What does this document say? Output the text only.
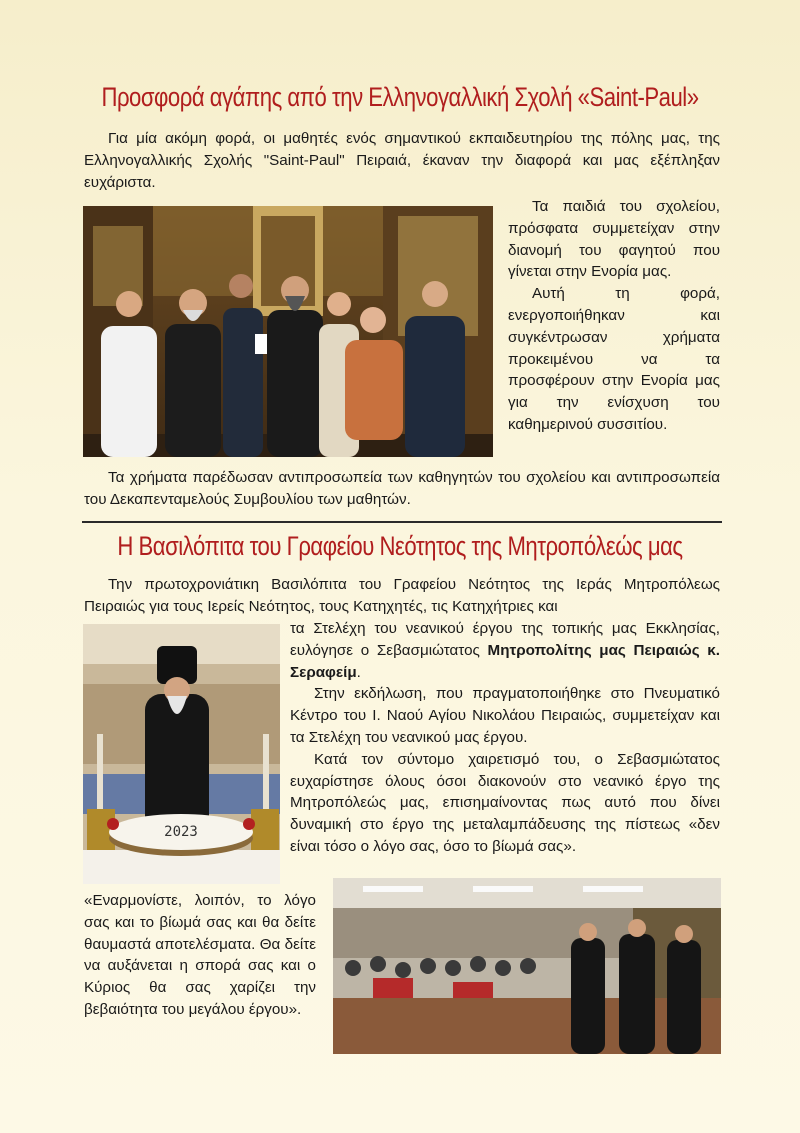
Προσφορά αγάπης από την Ελληνογαλλική Σχολή «Saint-Paul»

Για μία ακόμη φορά, οι μαθητές ενός σημαντικού εκπαιδευτηρίου της πόλης μας, της Ελληνογαλλικής Σχολής "Saint-Paul" Πειραιά, έκαναν την διαφορά και μας εξέπληξαν ευχάριστα.

Τα παιδιά του σχολείου, πρόσφατα συμμετείχαν στην διανομή του φαγητού που γίνεται στην Ενορία μας.

Αυτή τη φορά, ενεργοποιήθηκαν και συγκέντρωσαν χρήματα προκειμένου να τα προσφέρουν στην Ενορία μας για την ενίσχυση του καθημερινού συσσιτίου.

Τα χρήματα παρέδωσαν αντιπροσωπεία των καθηγητών του σχολείου και αντιπροσωπεία του Δεκαπενταμελούς Συμβουλίου των μαθητών.

Η Βασιλόπιτα του Γραφείου Νεότητος της Μητροπόλεώς μας

Την πρωτοχρονιάτικη Βασιλόπιτα του Γραφείου Νεότητος της Ιεράς Μητροπόλεως Πειραιώς για τους Ιερείς Νεότητος, τους Κατηχητές, τις Κατηχήτριες και

2023

τα Στελέχη του νεανικού έργου της τοπικής μας Εκκλησίας, ευλόγησε ο Σεβασμιώτατος Μητροπολίτης μας Πειραιώς κ. Σεραφείμ.

Στην εκδήλωση, που πραγματοποιήθηκε στο Πνευματικό Κέντρο του Ι. Ναού Αγίου Νικολάου Πειραιώς, συμμετείχαν και τα Στελέχη του νεανικού μας έργου.

Κατά τον σύντομο χαιρετισμό του, ο Σεβασμιώτατος ευχαρίστησε όλους όσοι διακονούν στο νεανικό έργο της Μητροπόλεώς μας, επισημαίνοντας πως αυτό που δίνει δυναμική στο έργο της μεταλαμπάδευσης της πίστεως «δεν είναι τόσο ο λόγο σας, όσο το βίωμά σας».

«Εναρμονίστε, λοιπόν, το λόγο σας και το βίωμά σας και θα δείτε θαυμαστά αποτελέσματα. Θα δείτε να αυξάνεται η σπορά σας και ο Κύριος θα σας χαρίζει την βεβαιότητα του μεγάλου έργου».
